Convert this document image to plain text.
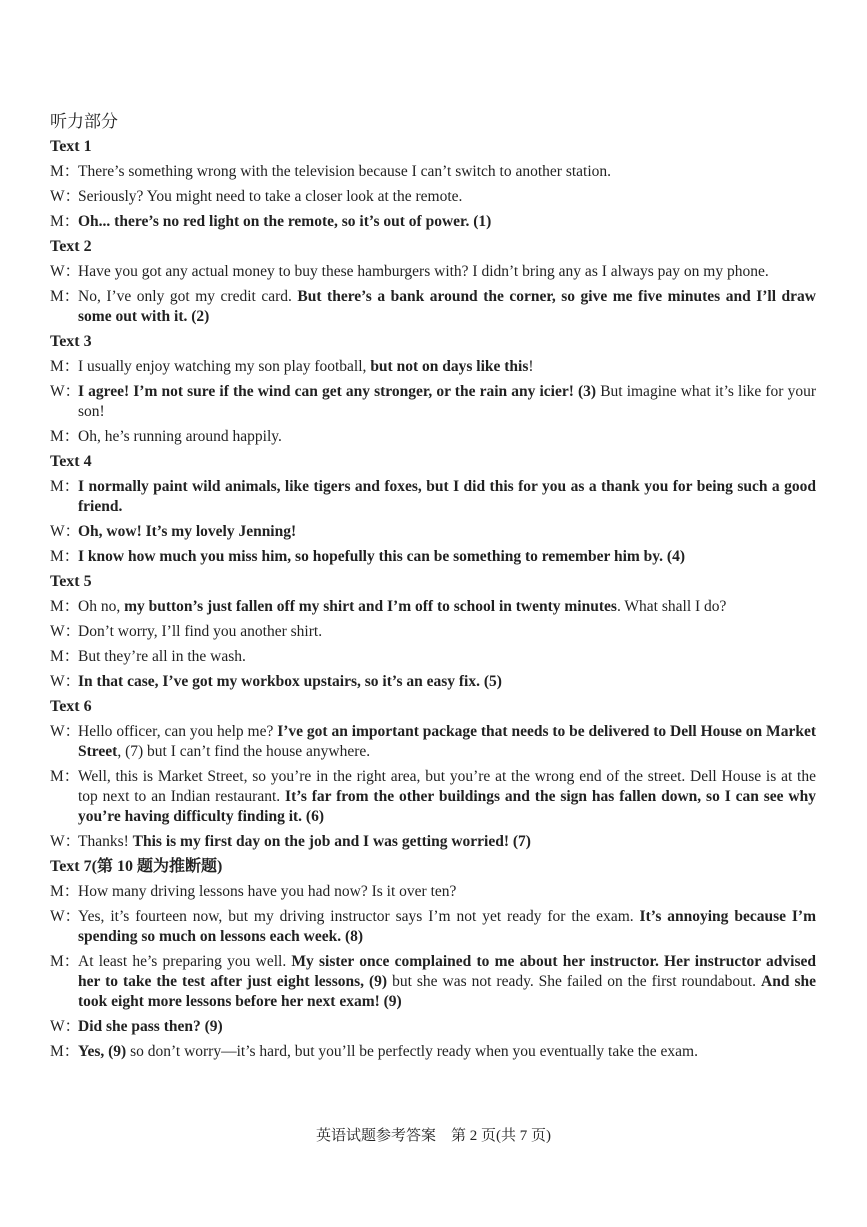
听力部分
Text 1
M：
There’s something wrong with the television because I can’t switch to another station.
W：
Seriously? You might need to take a closer look at the remote.
M：
Oh... there’s no red light on the remote, so it’s out of power. (1)
Text 2
W：
Have you got any actual money to buy these hamburgers with? I didn’t bring any as I always pay on my phone.
M：
No, I’ve only got my credit card. But there’s a bank around the corner, so give me five minutes and I’ll draw some out with it. (2)
Text 3
M：
I usually enjoy watching my son play football, but not on days like this!
W：
I agree! I’m not sure if the wind can get any stronger, or the rain any icier! (3) But imagine what it’s like for your son!
M：
Oh, he’s running around happily.
Text 4
M：
I normally paint wild animals, like tigers and foxes, but I did this for you as a thank you for being such a good friend.
W：
Oh, wow! It’s my lovely Jenning!
M：
I know how much you miss him, so hopefully this can be something to remember him by. (4)
Text 5
M：
Oh no, my button’s just fallen off my shirt and I’m off to school in twenty minutes. What shall I do?
W：
Don’t worry, I’ll find you another shirt.
M：
But they’re all in the wash.
W：
In that case, I’ve got my workbox upstairs, so it’s an easy fix. (5)
Text 6
W：
Hello officer, can you help me? I’ve got an important package that needs to be delivered to Dell House on Market Street, (7) but I can’t find the house anywhere.
M：
Well, this is Market Street, so you’re in the right area, but you’re at the wrong end of the street. Dell House is at the top next to an Indian restaurant. It’s far from the other buildings and the sign has fallen down, so I can see why you’re having difficulty finding it. (6)
W：
Thanks! This is my first day on the job and I was getting worried! (7)
Text 7(第 10 题为推断题)
M：
How many driving lessons have you had now? Is it over ten?
W：
Yes, it’s fourteen now, but my driving instructor says I’m not yet ready for the exam. It’s annoying because I’m spending so much on lessons each week. (8)
M：
At least he’s preparing you well. My sister once complained to me about her instructor. Her instructor advised her to take the test after just eight lessons, (9) but she was not ready. She failed on the first roundabout. And she took eight more lessons before her next exam! (9)
W：
Did she pass then? (9)
M：
Yes, (9) so don’t worry—it’s hard, but you’ll be perfectly ready when you eventually take the exam.
英语试题参考答案　第 2 页(共 7 页)
